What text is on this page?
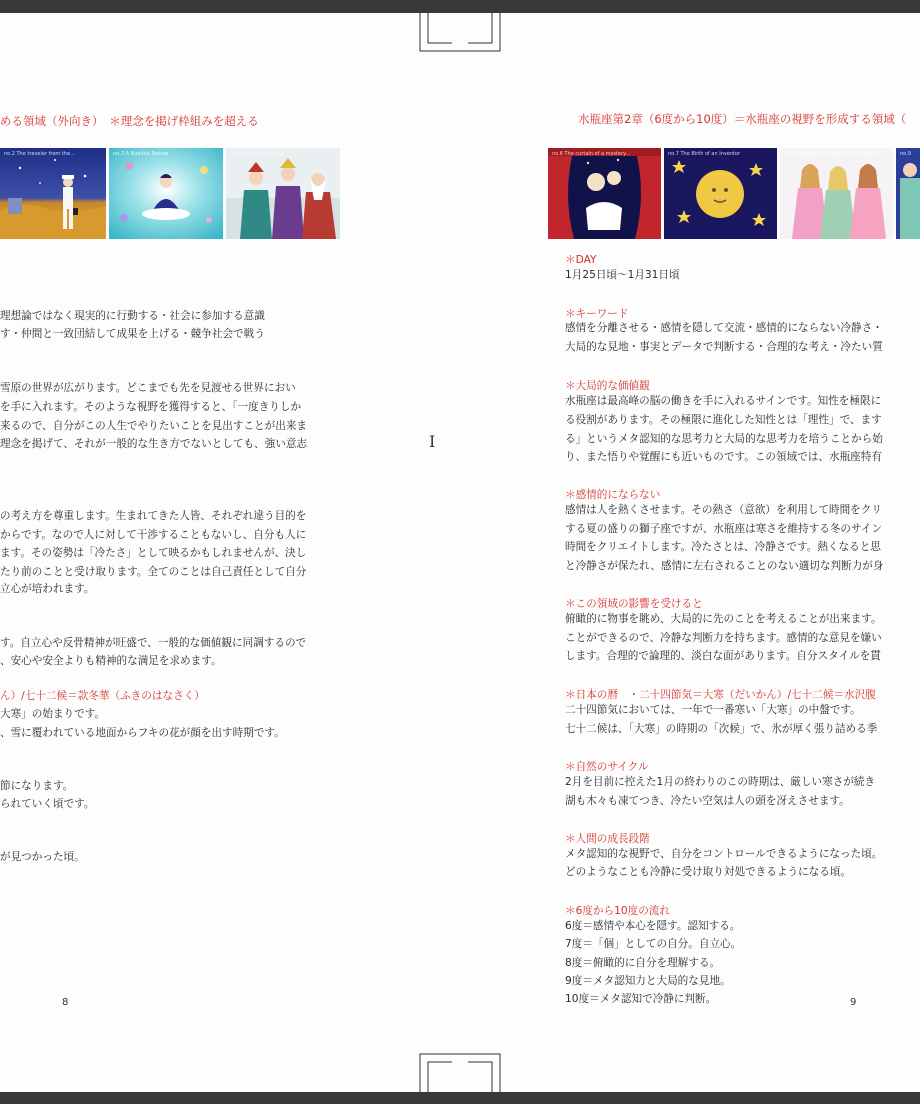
める領域（外向き）　＊理念を掲げ枠組みを超える
no.2 The traveler from the...	no.3 A Buddha-Nature	no.4 We gather in our...
理想論ではなく現実的に行動する・社会に参加する意識
す・仲間と一致団結して成果を上げる・競争社会で戦う
雪原の世界が広がります。どこまでも先を見渡せる世界におい
を手に入れます。そのような視野を獲得すると、「一度きりしか
来るので、自分がこの人生でやりたいことを見出すことが出来ま
理念を掲げて、それが一般的な生き方でないとしても、強い意志
の考え方を尊重します。生まれてきた人皆、それぞれ違う目的を
からです。なので人に対して干渉することもないし、自分も人に
ます。その姿勢は「冷たさ」として映るかもしれませんが、決し
たり前のことと受け取ります。全てのことは自己責任として自分
立心が培われます。
す。自立心や反骨精神が旺盛で、一般的な価値観に同調するので
、安心や安全よりも精神的な満足を求めます。
ん）/七十二候＝款冬華（ふきのはなさく）
大寒」の始まりです。
、雪に覆われている地面からフキの花が顔を出す時期です。
節になります。
られていく頃です。
が見つかった頃。
8
水瓶座第2章（6度から10度）＝水瓶座の視野を形成する領域（
no.6 The curtain of a mystery...	no.7 The Birth of an Inventor	no.8 Beautifully Yourself and Together	no.9
＊DAY
1月25日頃〜1月31日頃
＊キーワード
感情を分離させる・感情を隠して交流・感情的にならない冷静さ・
大局的な見地・事実とデータで判断する・合理的な考え・冷たい質
＊大局的な価値観
水瓶座は最高峰の脳の働きを手に入れるサインです。知性を極限に
る役割があります。その極限に進化した知性とは「理性」で、ます
る」というメタ認知的な思考力と大局的な思考力を培うことから始
り、また悟りや覚醒にも近いものです。この領域では、水瓶座特有
＊感情的にならない
感情は人を熱くさせます。その熱さ（意欲）を利用して時間をクリ
する夏の盛りの獅子座ですが、水瓶座は寒さを維持する冬のサイン
時間をクリエイトします。冷たさとは、冷静さです。熱くなると思
と冷静さが保たれ、感情に左右されることのない適切な判断力が身
＊この領域の影響を受けると
俯瞰的に物事を眺め、大局的に先のことを考えることが出来ます。
ことができるので、冷静な判断力を持ちます。感情的な意見を嫌い
します。合理的で論理的、淡白な面があります。自分スタイルを貫
＊日本の暦　・二十四節気＝大寒（だいかん）/七十二候＝水沢腹
二十四節気においては、一年で一番寒い「大寒」の中盤です。
七十二候は、「大寒」の時期の「次候」で、氷が厚く張り詰める季
＊自然のサイクル
2月を目前に控えた1月の終わりのこの時期は、厳しい寒さが続き
湖も木々も凍てつき、冷たい空気は人の頭を冴えさせます。
＊人間の成長段階
メタ認知的な視野で、自分をコントロールできるようになった頃。
どのようなことも冷静に受け取り対処できるようになる頃。
＊6度から10度の流れ
6度＝感情や本心を隠す。認知する。
7度＝「個」としての自分。自立心。
8度＝俯瞰的に自分を理解する。
9度＝メタ認知力と大局的な見地。
10度＝メタ認知で冷静に判断。	9
I
